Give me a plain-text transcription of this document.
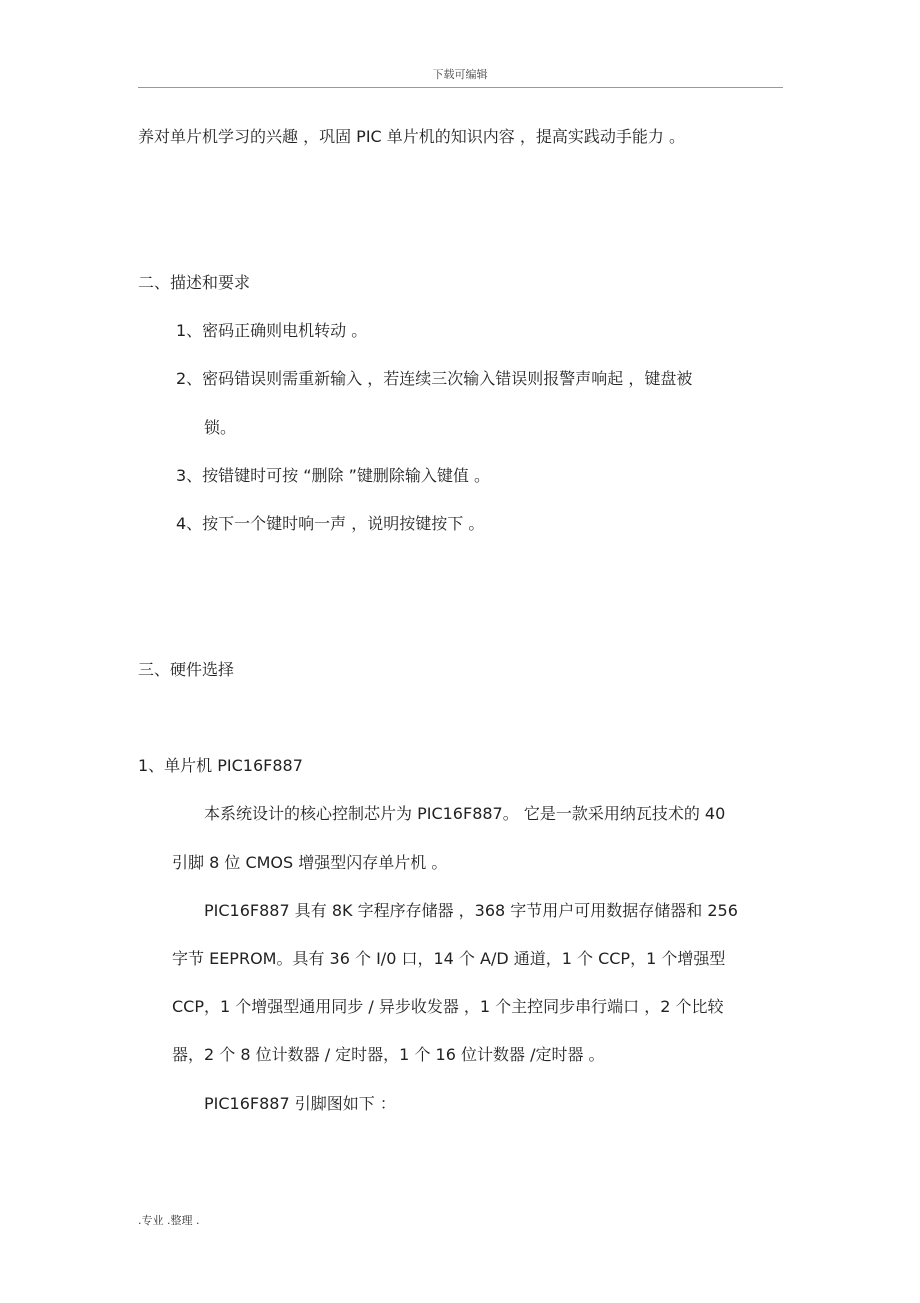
下载可编辑
养对单片机学习的兴趣 ，巩固 PIC 单片机的知识内容 ，提高实践动手能力 。
二、描述和要求
1、密码正确则电机转动 。
2、密码错误则需重新输入 ，若连续三次输入错误则报警声响起 ，键盘被
锁。
3、按错键时可按 “删除 ”键删除输入键值 。
4、按下一个键时响一声 ，说明按键按下 。
三、硬件选择
1、单片机 PIC16F887
本系统设计的核心控制芯片为 PIC16F887。 它是一款采用纳瓦技术的 40
引脚 8 位 CMOS 增强型闪存单片机 。
PIC16F887 具有 8K 字程序存储器 ，368 字节用户可用数据存储器和 256
字节 EEPROM。具有 36 个 I/0 口，14 个 A/D 通道，1 个 CCP，1 个增强型
CCP，1 个增强型通用同步 / 异步收发器 ，1 个主控同步串行端口 ，2 个比较
器，2 个 8 位计数器 / 定时器，1 个 16 位计数器 /定时器 。
PIC16F887 引脚图如下 ：
.专业 .整理 .
